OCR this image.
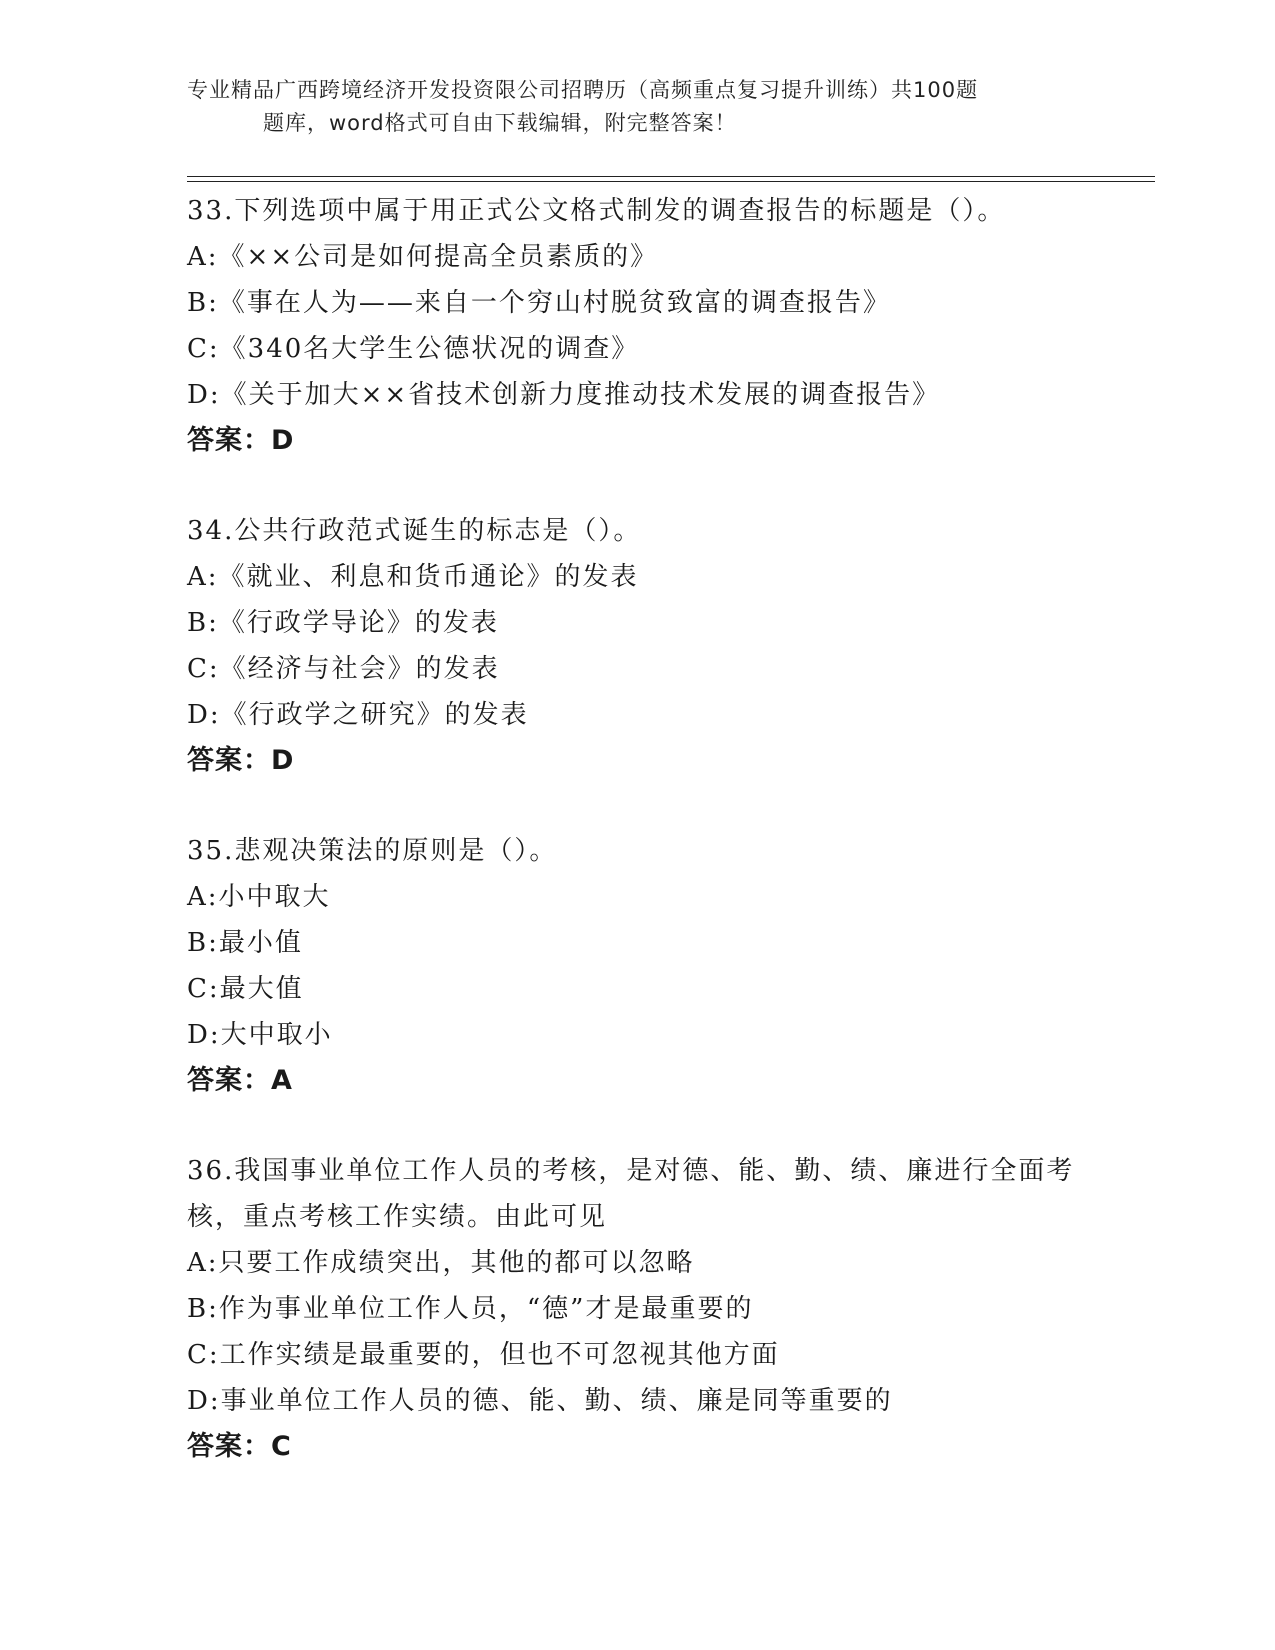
专业精品广西跨境经济开发投资限公司招聘历（高频重点复习提升训练）共100题
题库，word格式可自由下载编辑，附完整答案！
33.下列选项中属于用正式公文格式制发的调查报告的标题是（）。
A:《××公司是如何提高全员素质的》
B:《事在人为——来自一个穷山村脱贫致富的调查报告》
C:《340名大学生公德状况的调查》
D:《关于加大××省技术创新力度推动技术发展的调查报告》
答案：D
34.公共行政范式诞生的标志是（）。
A:《就业、利息和货币通论》的发表
B:《行政学导论》的发表
C:《经济与社会》的发表
D:《行政学之研究》的发表
答案：D
35.悲观决策法的原则是（）。
A:小中取大
B:最小值
C:最大值
D:大中取小
答案：A
36.我国事业单位工作人员的考核，是对德、能、勤、绩、廉进行全面考核，重点考核工作实绩。由此可见
A:只要工作成绩突出，其他的都可以忽略
B:作为事业单位工作人员，“德”才是最重要的
C:工作实绩是最重要的，但也不可忽视其他方面
D:事业单位工作人员的德、能、勤、绩、廉是同等重要的
答案：C
